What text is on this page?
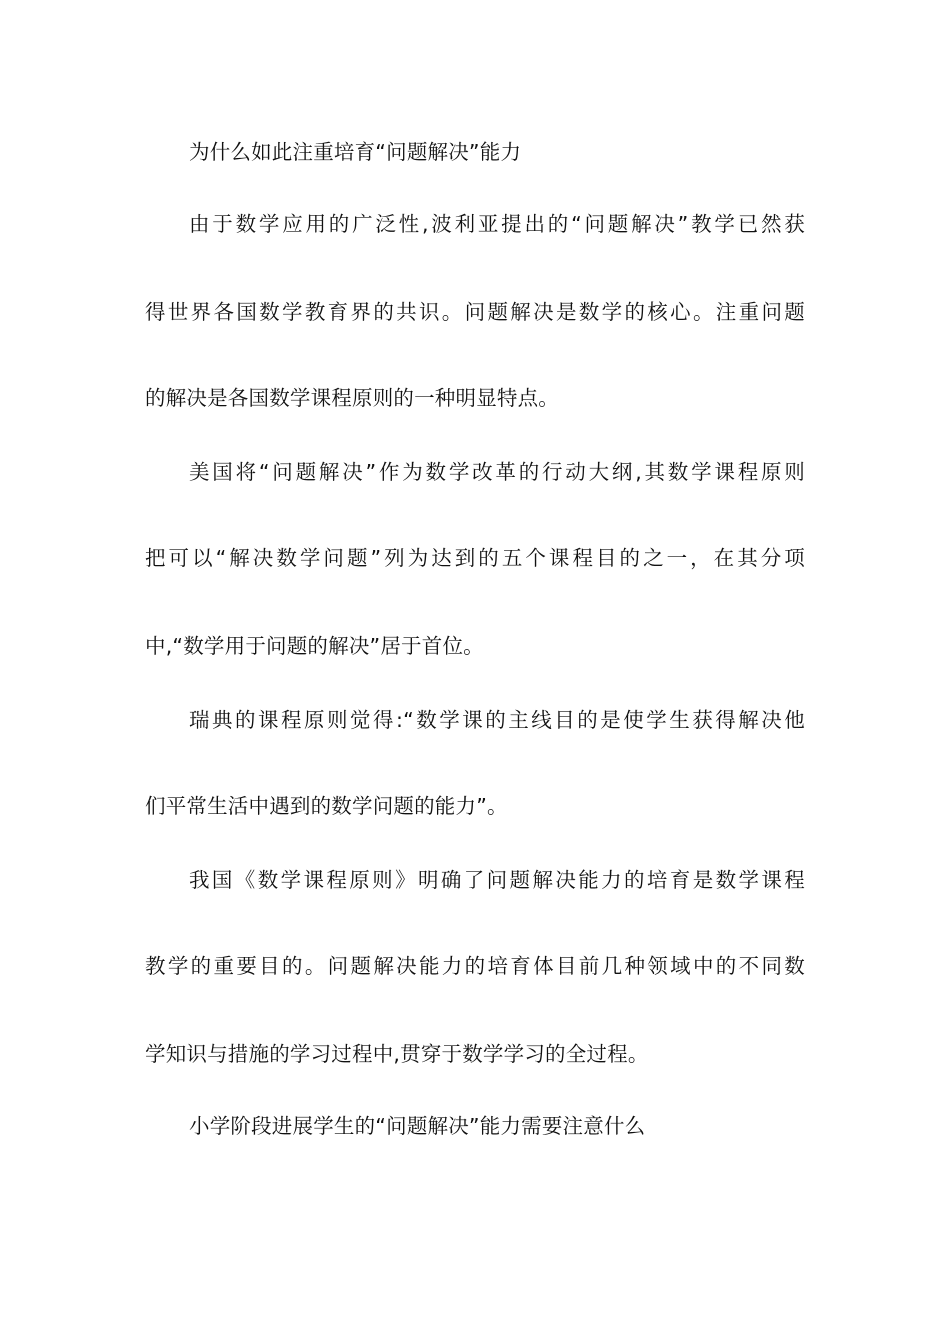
为什么如此注重培育“问题解决”能力
由于数学应用的广泛性,波利亚提出的“问题解决”教学已然获
得世界各国数学教育界的共识。问题解决是数学的核心。注重问题
的解决是各国数学课程原则的一种明显特点。
美国将“问题解决”作为数学改革的行动大纲,其数学课程原则
把可以“解决数学问题”列为达到的五个课程目的之一，在其分项
中,“数学用于问题的解决”居于首位。
瑞典的课程原则觉得:“数学课的主线目的是使学生获得解决他
们平常生活中遇到的数学问题的能力”。
我国《数学课程原则》明确了问题解决能力的培育是数学课程
教学的重要目的。问题解决能力的培育体目前几种领域中的不同数
学知识与措施的学习过程中,贯穿于数学学习的全过程。
小学阶段进展学生的“问题解决”能力需要注意什么
